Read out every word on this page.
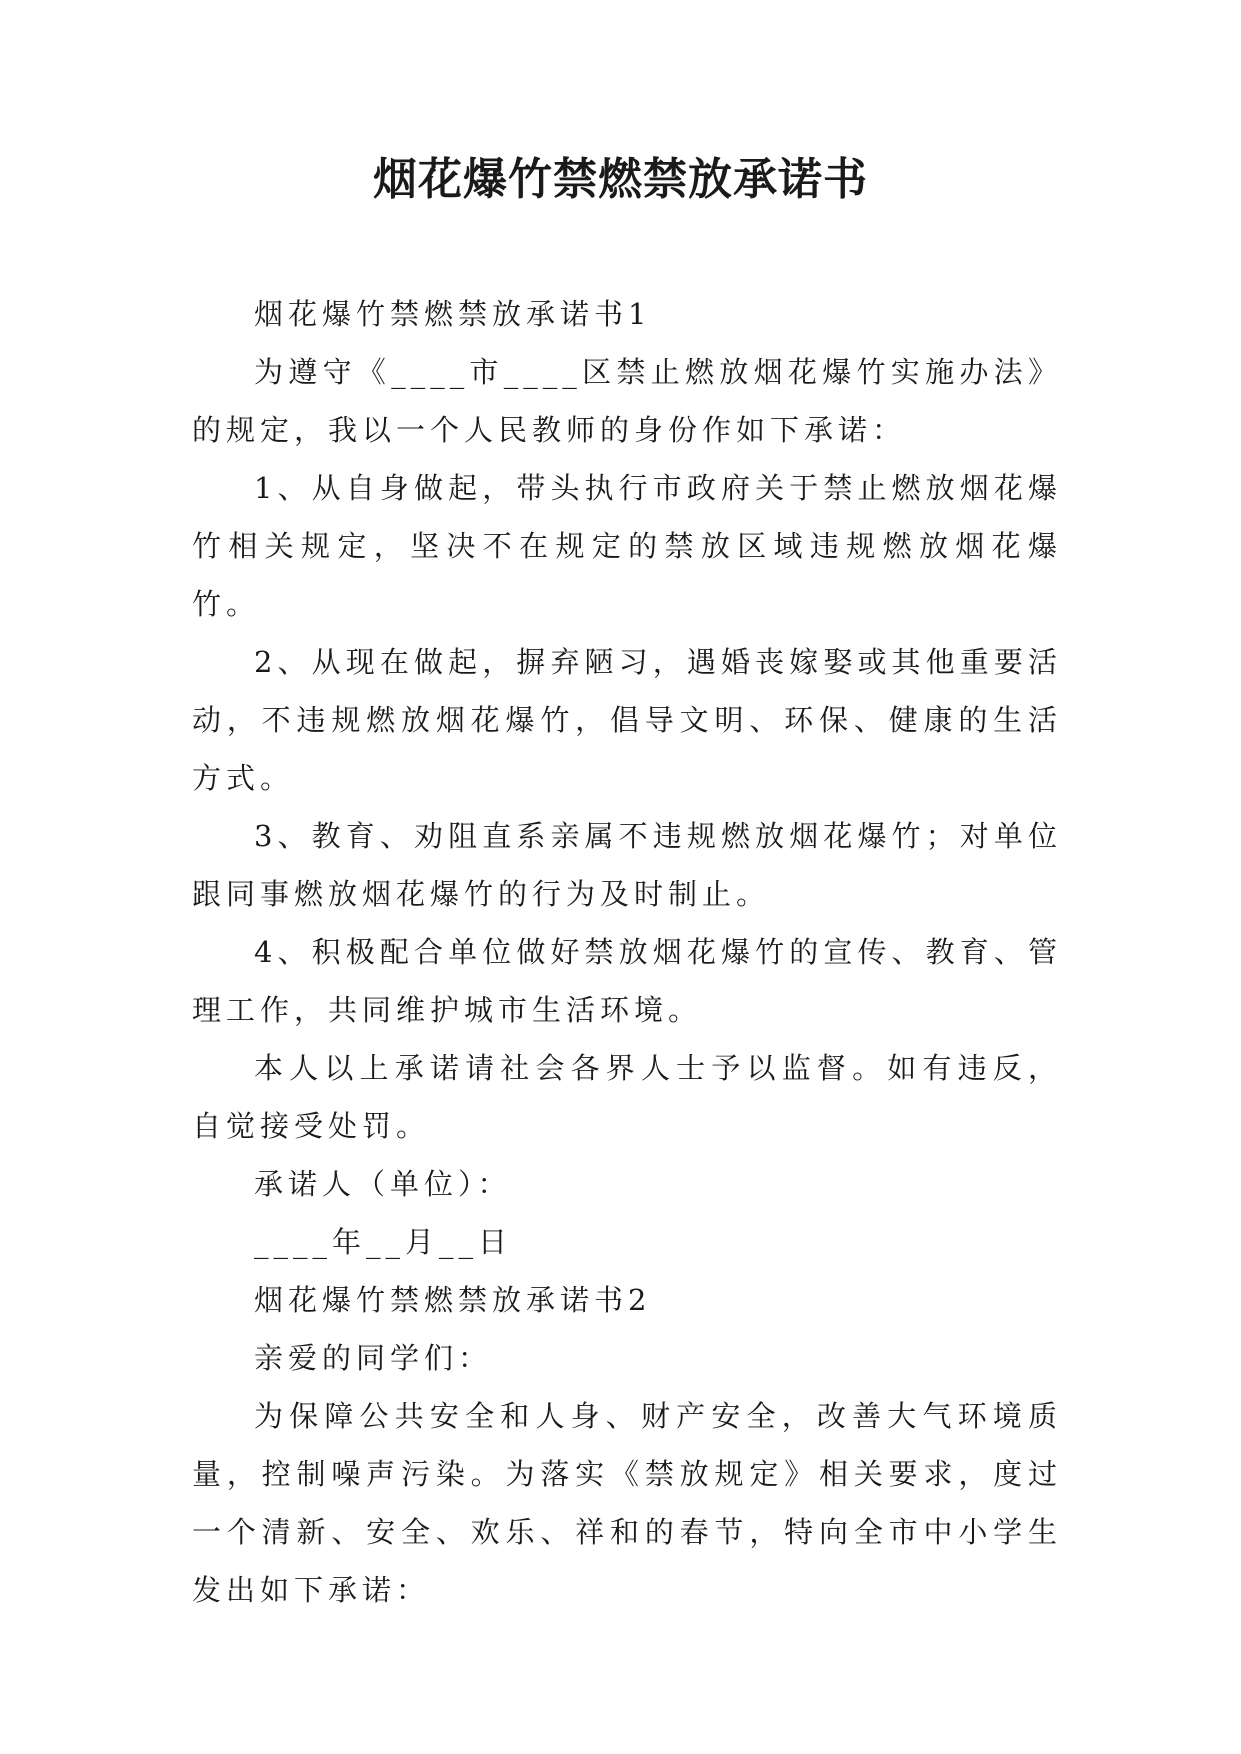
烟花爆竹禁燃禁放承诺书

烟花爆竹禁燃禁放承诺书1

为遵守《____市____区禁止燃放烟花爆竹实施办法》的规定，我以一个人民教师的身份作如下承诺：

1、从自身做起，带头执行市政府关于禁止燃放烟花爆竹相关规定，坚决不在规定的禁放区域违规燃放烟花爆竹。

2、从现在做起，摒弃陋习，遇婚丧嫁娶或其他重要活动，不违规燃放烟花爆竹，倡导文明、环保、健康的生活方式。

3、教育、劝阻直系亲属不违规燃放烟花爆竹；对单位跟同事燃放烟花爆竹的行为及时制止。

4、积极配合单位做好禁放烟花爆竹的宣传、教育、管理工作，共同维护城市生活环境。

本人以上承诺请社会各界人士予以监督。如有违反，自觉接受处罚。

承诺人（单位）：

____年__月__日

烟花爆竹禁燃禁放承诺书2

亲爱的同学们：

为保障公共安全和人身、财产安全，改善大气环境质量，控制噪声污染。为落实《禁放规定》相关要求，度过一个清新、安全、欢乐、祥和的春节，特向全市中小学生发出如下承诺：
